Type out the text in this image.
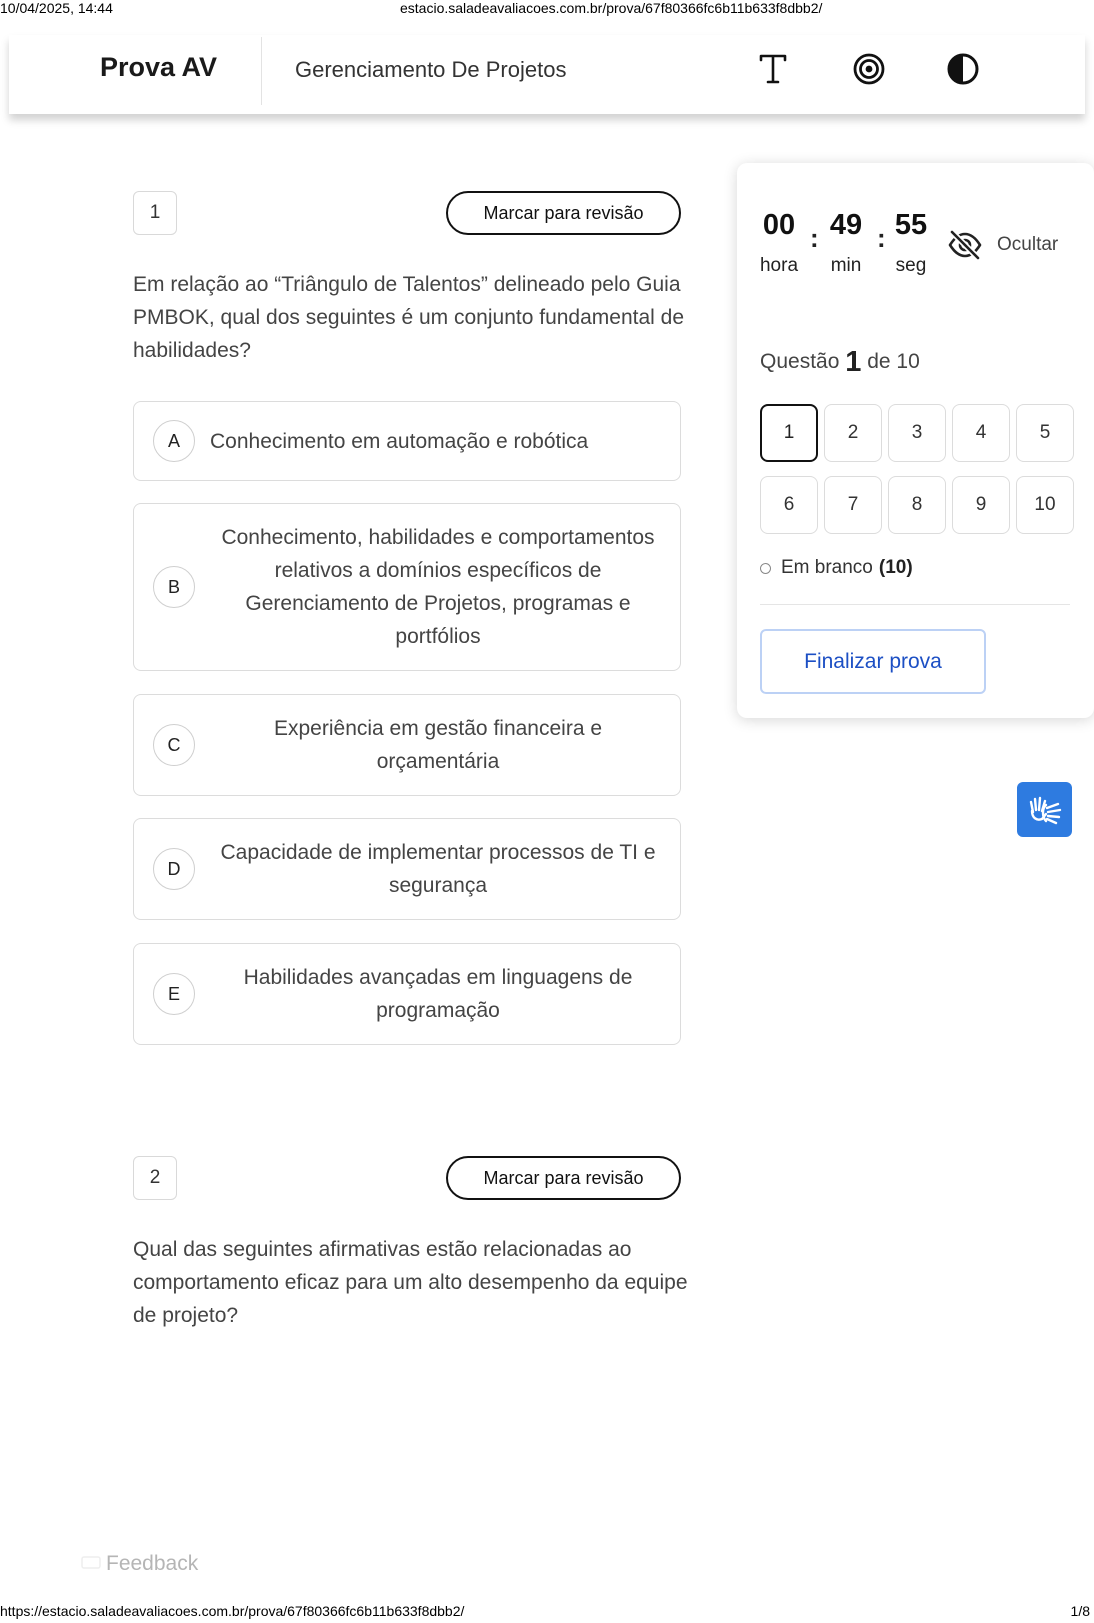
10/04/2025, 14:44	estacio.saladeavaliacoes.com.br/prova/67f80366fc6b11b633f8dbb2/
Prova AV	Gerenciamento De Projetos
1	Marcar para revisão
Em relação ao “Triângulo de Talentos” delineado pelo Guia PMBOK, qual dos seguintes é um conjunto fundamental de habilidades?
A	Conhecimento em automação e robótica
B
Conhecimento, habilidades e comportamentos relativos a domínios específicos de Gerenciamento de Projetos, programas e portfólios
C
Experiência em gestão financeira e orçamentária
D
Capacidade de implementar processos de TI e segurança
E
Habilidades avançadas em linguagens de programação
2	Marcar para revisão
Qual das seguintes afirmativas estão relacionadas ao comportamento eficaz para um alto desempenho da equipe de projeto?
00
hora
: 49
min
: 55
seg
Ocultar
Questão 1 de 10
1	2	3	4	5
6	7	8	9	10
Em branco (10)
Finalizar prova
Feedback
https://estacio.saladeavaliacoes.com.br/prova/67f80366fc6b11b633f8dbb2/	1/8
